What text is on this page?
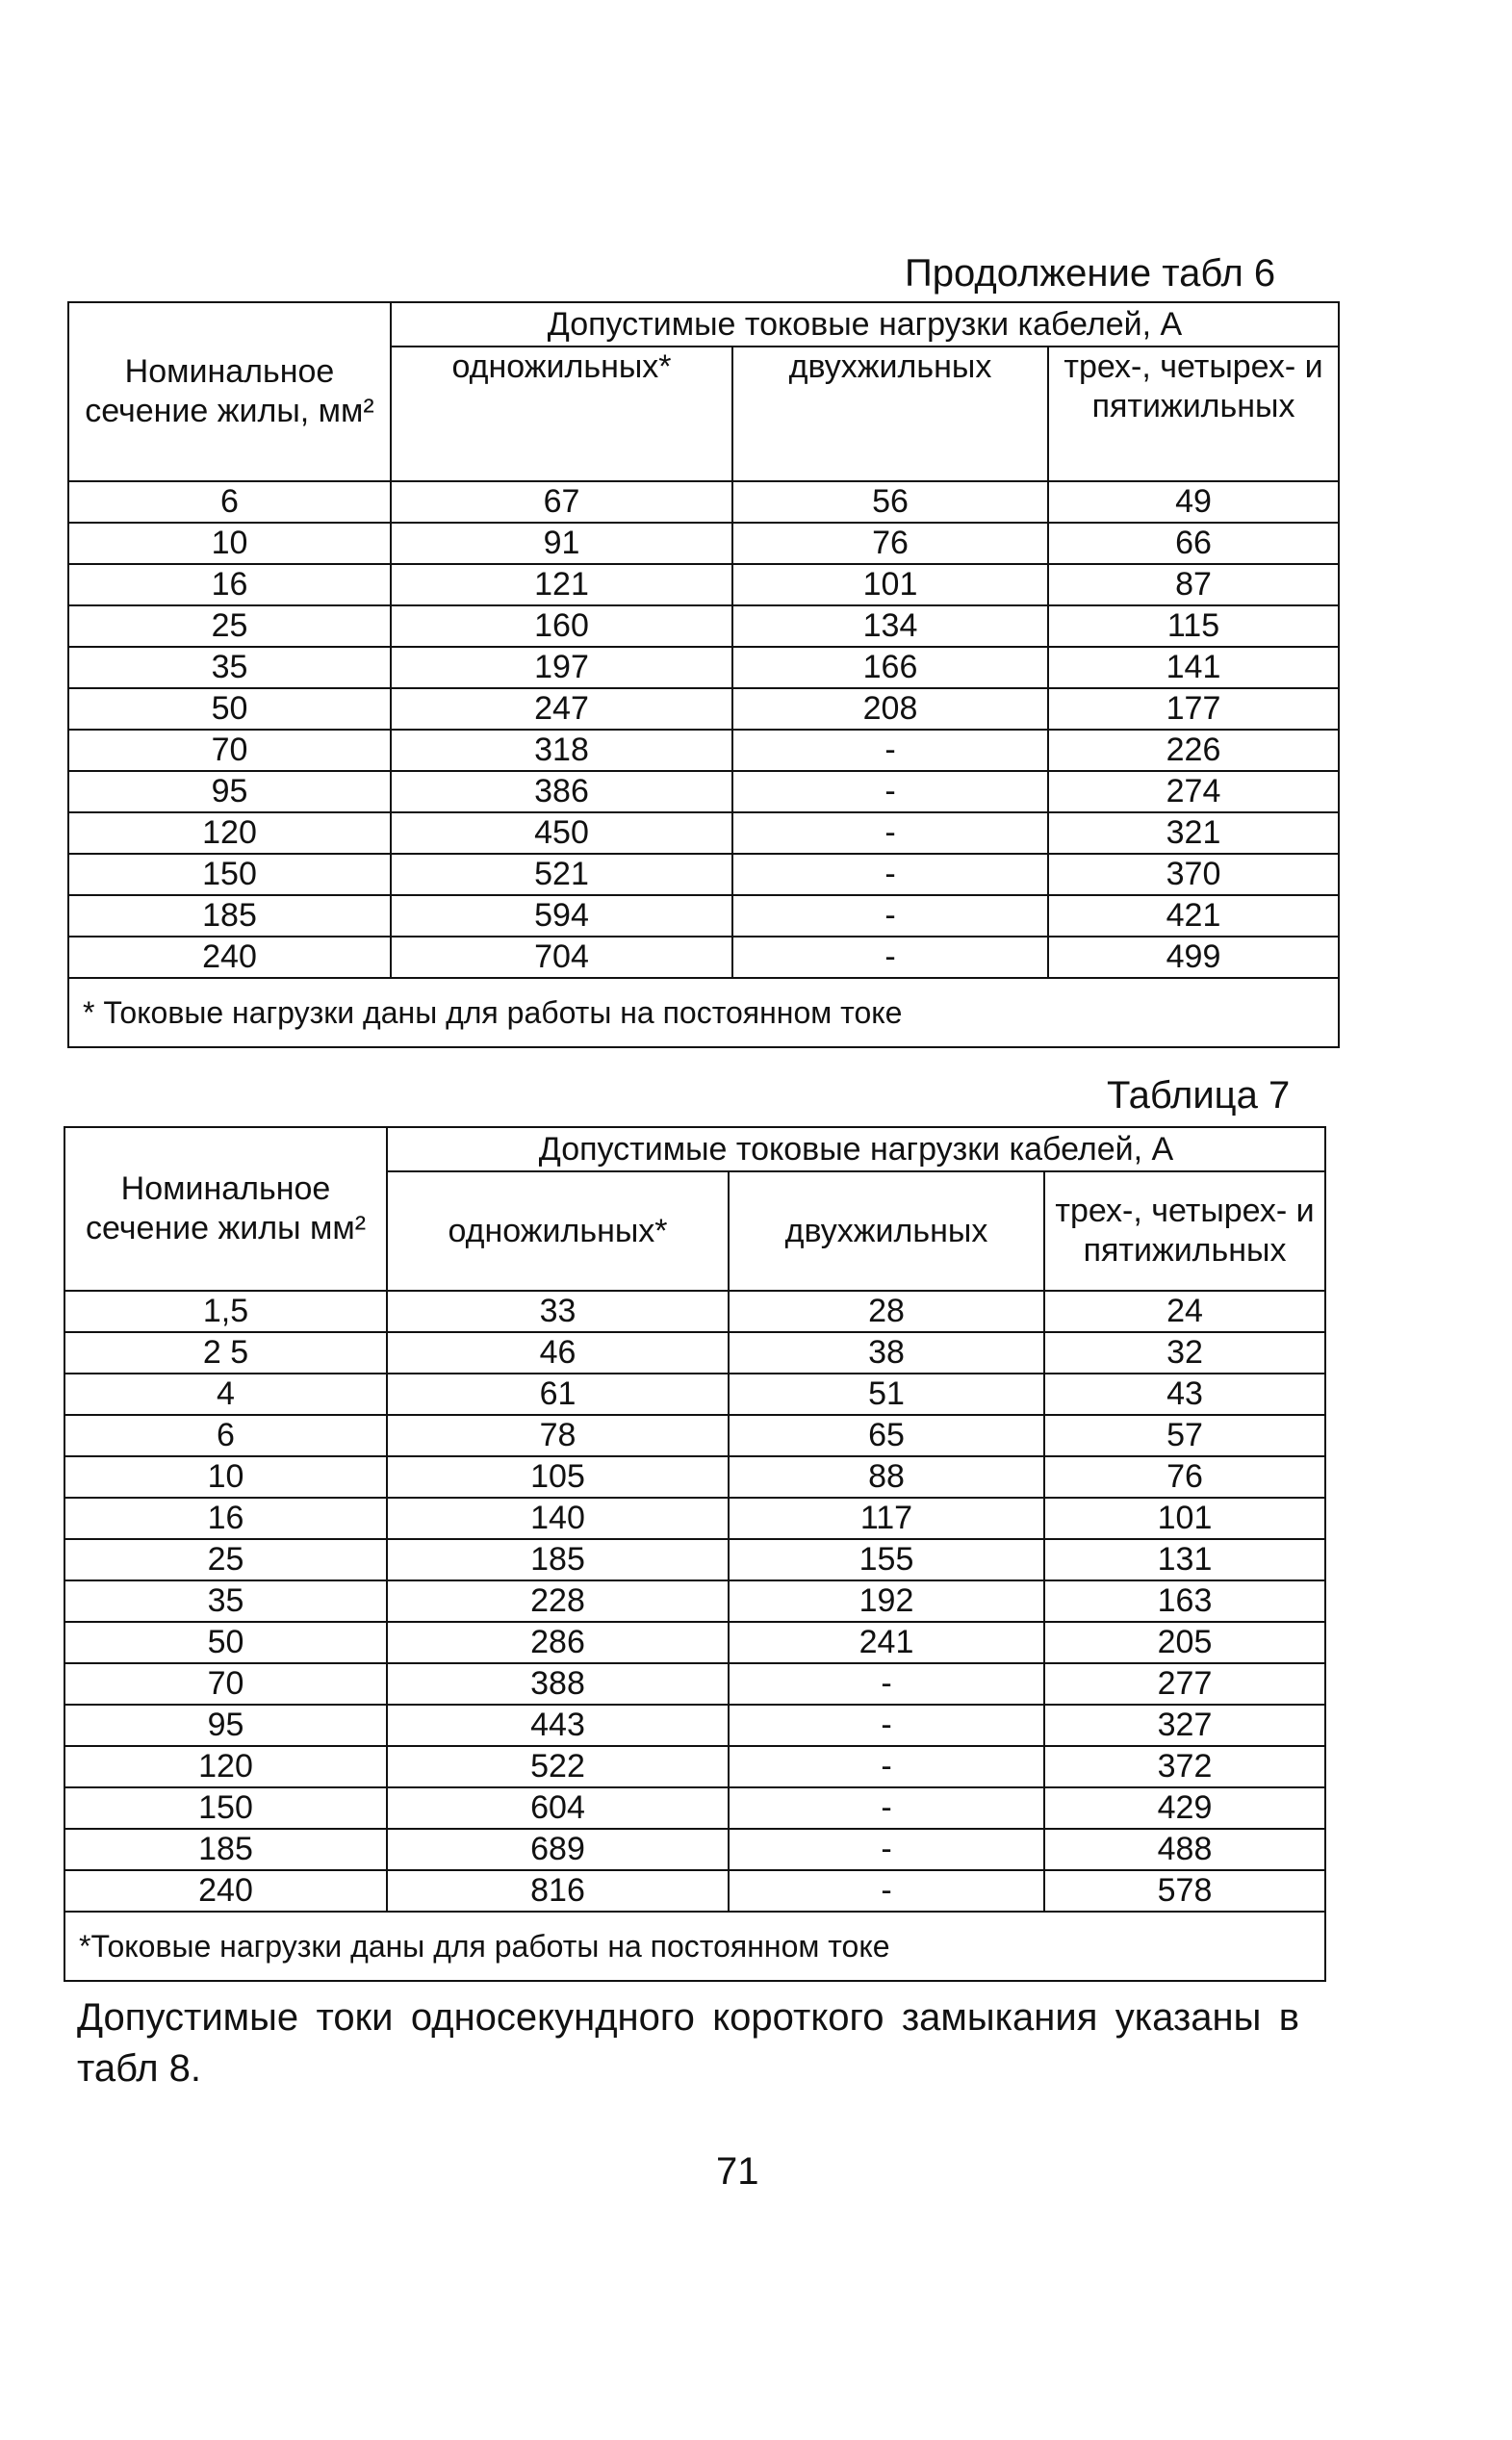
Продолжение табл 6
Номинальное сечение жилы, мм²	Допустимые токовые нагрузки кабелей, А		
	одножильных*	двухжильных	трех-, четырех- и пятижильных
6	67	56	49
10	91	76	66
16	121	101	87
25	160	134	115
35	197	166	141
50	247	208	177
70	318	-	226
95	386	-	274
120	450	-	321
150	521	-	370
185	594	-	421
240	704	-	499
* Токовые нагрузки даны для работы на постоянном токе			
Таблица 7
Номинальное сечение жилы мм²	Допустимые токовые нагрузки кабелей, А		
	одножильных*	двухжильных	трех-, четырех- и пятижильных
1,5	33	28	24
2 5	46	38	32
4	61	51	43
6	78	65	57
10	105	88	76
16	140	117	101
25	185	155	131
35	228	192	163
50	286	241	205
70	388	-	277
95	443	-	327
120	522	-	372
150	604	-	429
185	689	-	488
240	816	-	578
*Токовые нагрузки даны для работы на постоянном токе			
Допустимые токи односекундного короткого замыкания указаны в табл 8.
71
